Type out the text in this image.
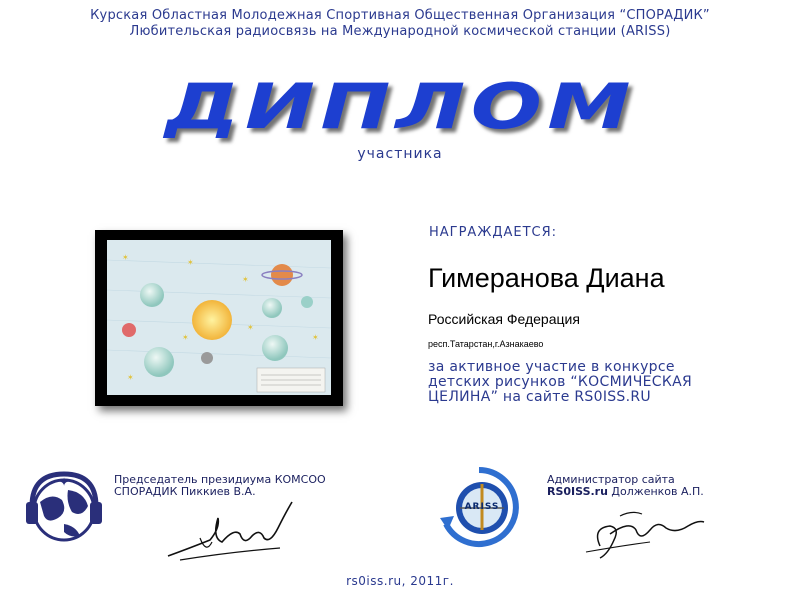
Курская Областная Молодежная Спортивная Общественная Организация “СПОРАДИК”
Любительская радиосвязь на Международной космической станции (ARISS)
ДИПЛОМ
участника
✶
✶
✶
✶
✶	✶
✶
НАГРАЖДАЕТСЯ:
Гимеранова Диана
Российская Федерация
респ.Татарстан,г.Азнакаево
за активное участие в конкурсе
детских рисунков “КОСМИЧЕСКАЯ
ЦЕЛИНА” на сайте RS0ISS.RU
✦	Председатель президиума КОМСОО
СПОРАДИК Пиккиев В.А.
ARISS
Администратор сайта
RS0ISS.ru Долженков А.П.
rs0iss.ru, 2011г.
